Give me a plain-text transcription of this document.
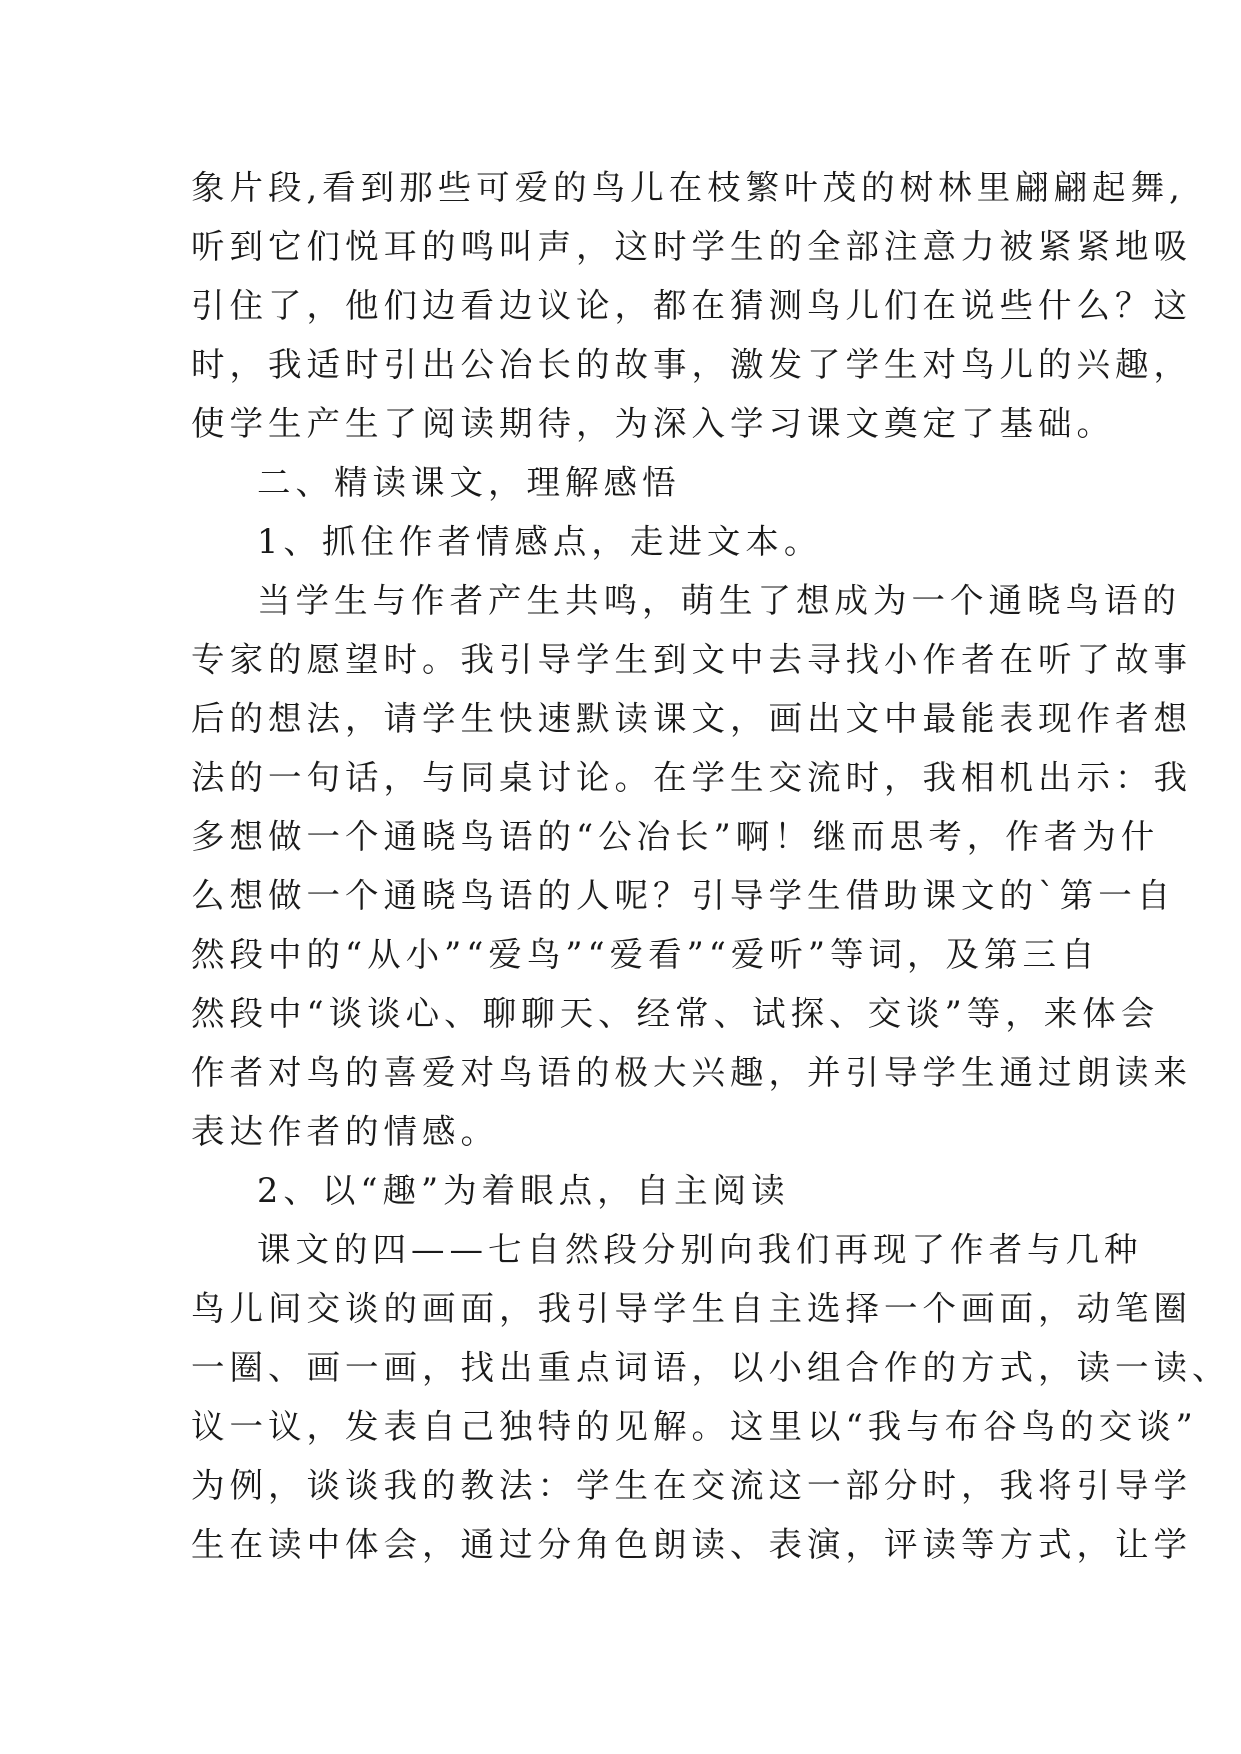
象片段,看到那些可爱的鸟儿在枝繁叶茂的树林里翩翩起舞,
听到它们悦耳的鸣叫声，这时学生的全部注意力被紧紧地吸
引住了，他们边看边议论，都在猜测鸟儿们在说些什么？这
时，我适时引出公冶长的故事，激发了学生对鸟儿的兴趣，
使学生产生了阅读期待，为深入学习课文奠定了基础。
二、精读课文，理解感悟
1、抓住作者情感点，走进文本。
当学生与作者产生共鸣，萌生了想成为一个通晓鸟语的
专家的愿望时。我引导学生到文中去寻找小作者在听了故事
后的想法，请学生快速默读课文，画出文中最能表现作者想
法的一句话，与同桌讨论。在学生交流时，我相机出示：我
多想做一个通晓鸟语的“公冶长”啊！继而思考，作者为什
么想做一个通晓鸟语的人呢？引导学生借助课文的`第一自
然段中的“从小”“爱鸟”“爱看”“爱听”等词，及第三自
然段中“谈谈心、聊聊天、经常、试探、交谈”等，来体会
作者对鸟的喜爱对鸟语的极大兴趣，并引导学生通过朗读来
表达作者的情感。
2、以“趣”为着眼点，自主阅读
课文的四——七自然段分别向我们再现了作者与几种
鸟儿间交谈的画面，我引导学生自主选择一个画面，动笔圈
一圈、画一画，找出重点词语，以小组合作的方式，读一读、
议一议，发表自己独特的见解。这里以“我与布谷鸟的交谈”
为例，谈谈我的教法：学生在交流这一部分时，我将引导学
生在读中体会，通过分角色朗读、表演，评读等方式，让学
